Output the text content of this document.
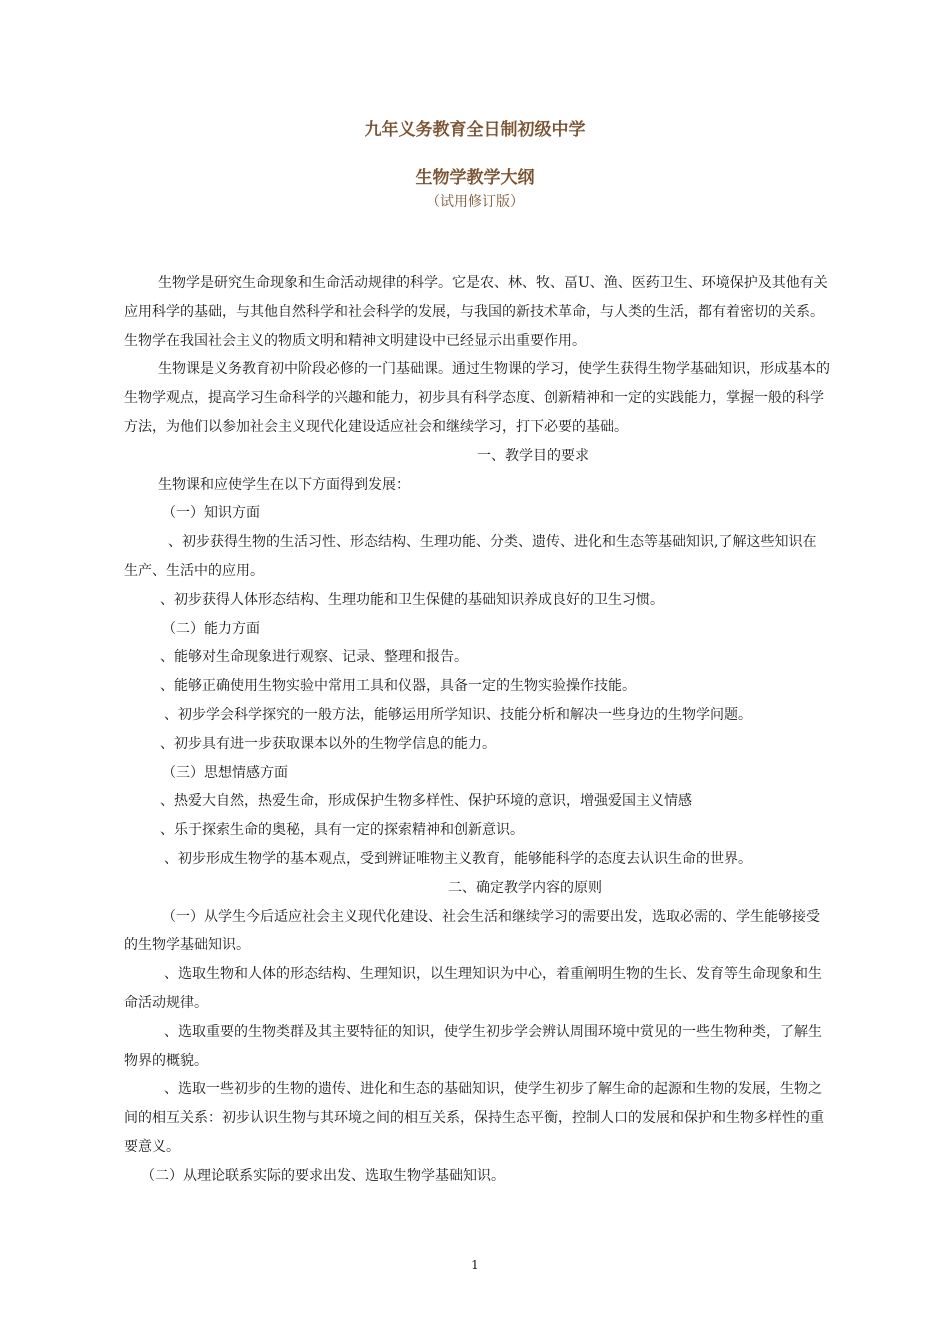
九年义务教育全日制初级中学
生物学教学大纲
（试用修订版）

生物学是研究生命现象和生命活动规律的科学。它是农、林、牧、畐U、渔、医药卫生、环境保护及其他有关应用科学的基础，与其他自然科学和社会科学的发展，与我国的新技术革命，与人类的生活，都有着密切的关系。生物学在我国社会主义的物质文明和精神文明建设中已经显示出重要作用。

生物课是义务教育初中阶段必修的一门基础课。通过生物课的学习，使学生获得生物学基础知识，形成基本的生物学观点，提高学习生命科学的兴趣和能力，初步具有科学态度、创新精神和一定的实践能力，掌握一般的科学方法，为他们以参加社会主义现代化建设适应社会和继续学习，打下必要的基础。

一、教学目的要求

生物课和应使学生在以下方面得到发展：

（一）知识方面

、初步获得生物的生活习性、形态结构、生理功能、分类、遗传、进化和生态等基础知识,了解这些知识在生产、生活中的应用。

、初步获得人体形态结构、生理功能和卫生保健的基础知识养成良好的卫生习惯。

（二）能力方面

、能够对生命现象进行观察、记录、整理和报告。

、能够正确使用生物实验中常用工具和仪器，具备一定的生物实验操作技能。

、初步学会科学探究的一般方法，能够运用所学知识、技能分析和解决一些身边的生物学问题。

、初步具有进一步获取课本以外的生物学信息的能力。

（三）思想情感方面

、热爱大自然，热爱生命，形成保护生物多样性、保护环境的意识，增强爱国主义情感

、乐于探索生命的奥秘，具有一定的探索精神和创新意识。

、初步形成生物学的基本观点，受到辨证唯物主义教育，能够能科学的态度去认识生命的世界。

二、确定教学内容的原则

（一）从学生今后适应社会主义现代化建设、社会生活和继续学习的需要出发，选取必需的、学生能够接受的生物学基础知识。

、选取生物和人体的形态结构、生理知识，以生理知识为中心，着重阐明生物的生长、发育等生命现象和生命活动规律。

、选取重要的生物类群及其主要特征的知识，使学生初步学会辨认周围环境中赏见的一些生物种类，了解生物界的概貌。

、选取一些初步的生物的遗传、进化和生态的基础知识，使学生初步了解生命的起源和生物的发展，生物之间的相互关系：初步认识生物与其环境之间的相互关系，保持生态平衡，控制人口的发展和保护和生物多样性的重要意义。

（二）从理论联系实际的要求出发、选取生物学基础知识。

1
